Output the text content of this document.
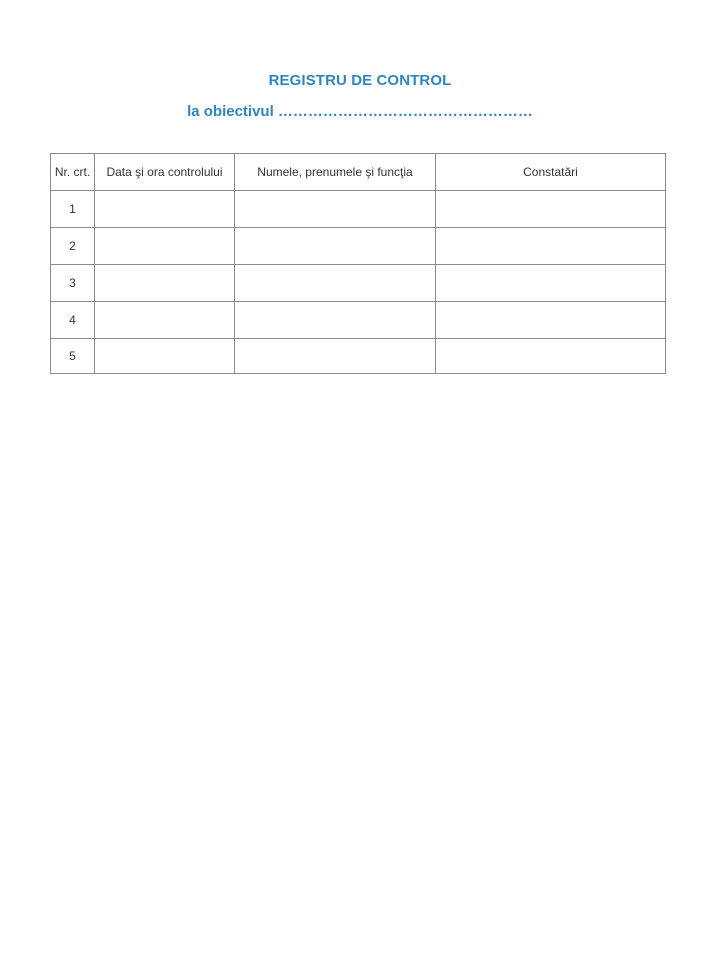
REGISTRU DE CONTROL
la obiectivul ……………………………………………
Nr. crt.	Data şi ora controlului	Numele, prenumele şi funcţia	Constatări
1			
2			
3			
4			
5			
